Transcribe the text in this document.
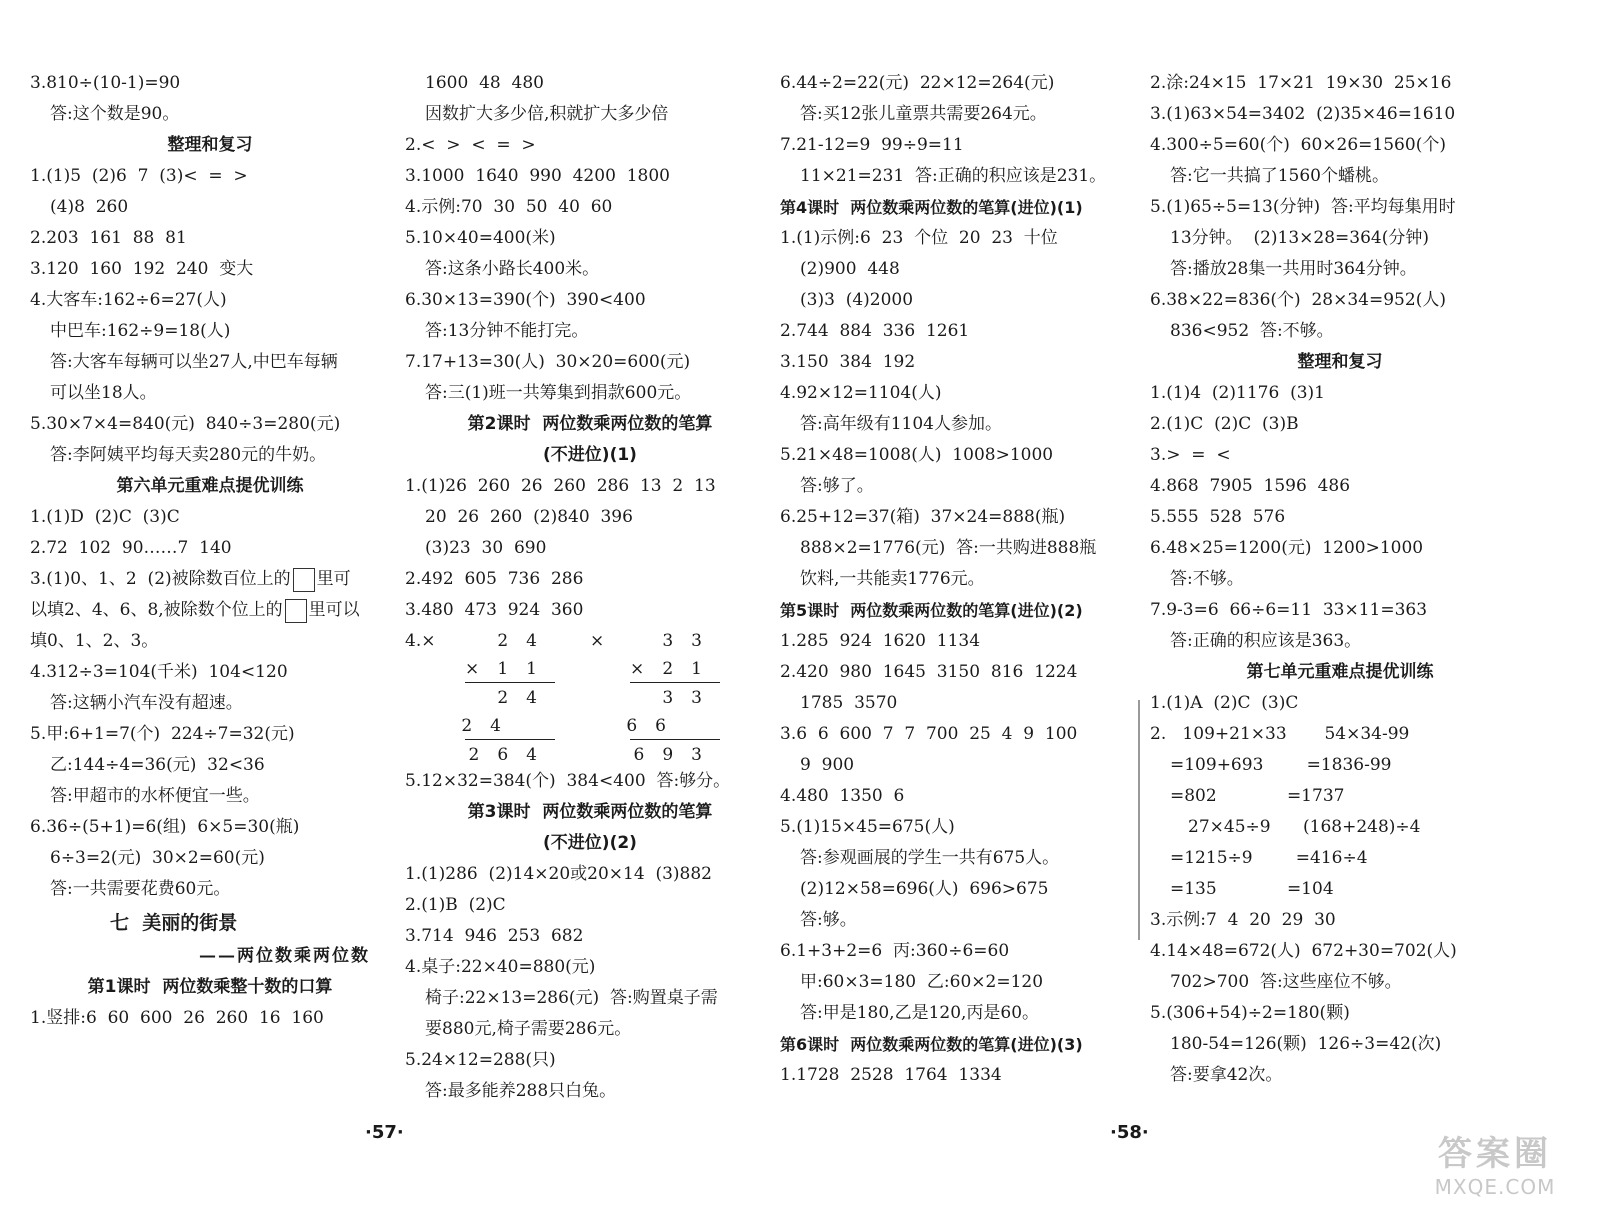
3.810÷(10-1)=90
答:这个数是90。
整理和复习
1.(1)5  (2)6  7  (3)<  =  >
(4)8  260
2.203  161  88  81
3.120  160  192  240  变大
4.大客车:162÷6=27(人)
中巴车:162÷9=18(人)
答:大客车每辆可以坐27人,中巴车每辆
可以坐18人。
5.30×7×4=840(元)  840÷3=280(元)
答:李阿姨平均每天卖280元的牛奶。
第六单元重难点提优训练
1.(1)D  (2)C  (3)C
2.72  102  90……7  140
3.(1)0、1、2  (2)被除数百位上的 里可
以填2、4、6、8,被除数个位上的 里可以
填0、1、2、3。
4.312÷3=104(千米)  104<120
答:这辆小汽车没有超速。
5.甲:6+1=7(个)  224÷7=32(元)
乙:144÷4=36(元)  32<36
答:甲超市的水杯便宜一些。
6.36÷(5+1)=6(组)  6×5=30(瓶)
6÷3=2(元)  30×2=60(元)
答:一共需要花费60元。
七  美丽的街景
——两位数乘两位数
第1课时  两位数乘整十数的口算
1.竖排:6  60  600  26  260  16  160
1600  48  480
因数扩大多少倍,积就扩大多少倍
2.<  >  <  =  >
3.1000  1640  990  4200  1800
4.示例:70  30  50  40  60
5.10×40=400(米)
答:这条小路长400米。
6.30×13=390(个)  390<400
答:13分钟不能打完。
7.17+13=30(人)  30×20=600(元)
答:三(1)班一共筹集到捐款600元。
第2课时  两位数乘两位数的笔算
(不进位)(1)
1.(1)26  260  26  260  286  13  2  13
20  26  260  (2)840  396
(3)23  30  690
2.492  605  736  286
3.480  473  924  360
4.×	24
× 11
24
24
264
×	33
× 21
33
66
693
5.12×32=384(个)  384<400  答:够分。
第3课时  两位数乘两位数的笔算
(不进位)(2)
1.(1)286  (2)14×20或20×14  (3)882
2.(1)B  (2)C
3.714  946  253  682
4.桌子:22×40=880(元)
椅子:22×13=286(元)  答:购置桌子需
要880元,椅子需要286元。
5.24×12=288(只)
答:最多能养288只白兔。
·57·
6.44÷2=22(元)  22×12=264(元)
答:买12张儿童票共需要264元。
7.21-12=9  99÷9=11
11×21=231  答:正确的积应该是231。
第4课时  两位数乘两位数的笔算(进位)(1)
1.(1)示例:6  23  个位  20  23  十位
(2)900  448
(3)3  (4)2000
2.744  884  336  1261
3.150  384  192
4.92×12=1104(人)
答:高年级有1104人参加。
5.21×48=1008(人)  1008>1000
答:够了。
6.25+12=37(箱)  37×24=888(瓶)
888×2=1776(元)  答:一共购进888瓶
饮料,一共能卖1776元。
第5课时  两位数乘两位数的笔算(进位)(2)
1.285  924  1620  1134
2.420  980  1645  3150  816  1224
1785  3570
3.6  6  600  7  7  700  25  4  9  100
9  900
4.480  1350  6
5.(1)15×45=675(人)
答:参观画展的学生一共有675人。
(2)12×58=696(人)  696>675
答:够。
6.1+3+2=6  丙:360÷6=60
甲:60×3=180  乙:60×2=120
答:甲是180,乙是120,丙是60。
第6课时  两位数乘两位数的笔算(进位)(3)
1.1728  2528  1764  1334
2.涂:24×15  17×21  19×30  25×16
3.(1)63×54=3402  (2)35×46=1610
4.300÷5=60(个)  60×26=1560(个)
答:它一共搞了1560个蟠桃。
5.(1)65÷5=13(分钟)  答:平均每集用时
13分钟。  (2)13×28=364(分钟)
答:播放28集一共用时364分钟。
6.38×22=836(个)  28×34=952(人)
836<952  答:不够。
整理和复习
1.(1)4  (2)1176  (3)1
2.(1)C  (2)C  (3)B
3.>  =  <
4.868  7905  1596  486
5.555  528  576
6.48×25=1200(元)  1200>1000
答:不够。
7.9-3=6  66÷6=11  33×11=363
答:正确的积应该是363。
第七单元重难点提优训练
1.(1)A  (2)C  (3)C
2.   109+21×33       54×34-99
=109+693        =1836-99
=802             =1737
27×45÷9      (168+248)÷4
=1215÷9        =416÷4
=135             =104
3.示例:7  4  20  29  30
4.14×48=672(人)  672+30=702(人)
702>700  答:这些座位不够。
5.(306+54)÷2=180(颗)
180-54=126(颗)  126÷3=42(次)
答:要拿42次。
·58·
答案圈
MXQE.COM
